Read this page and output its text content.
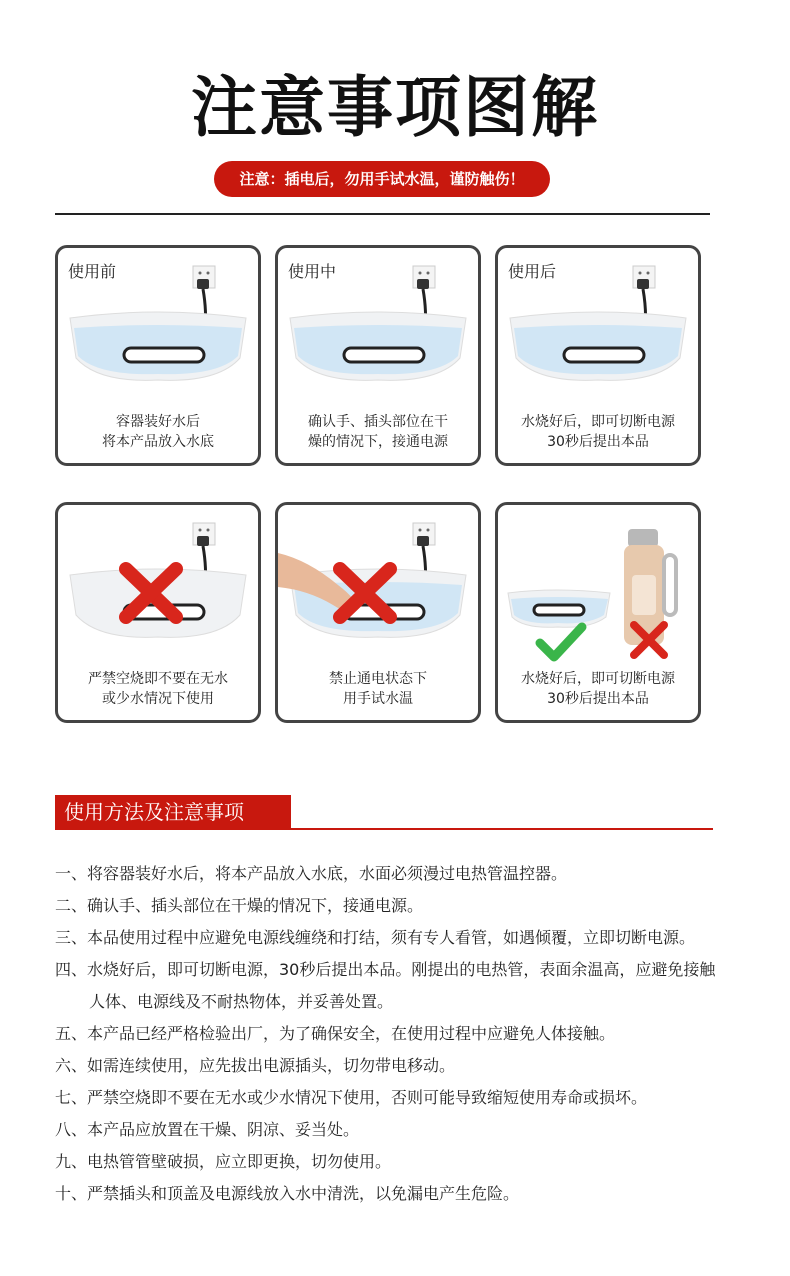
注意事项图解
注意：插电后，勿用手试水温，谨防触伤！
使用前
容器装好水后
将本产品放入水底
使用中
确认手、插头部位在干
燥的情况下，接通电源
使用后
水烧好后，即可切断电源
30秒后提出本品
严禁空烧即不要在无水
或少水情况下使用
禁止通电状态下
用手试水温
水烧好后，即可切断电源
30秒后提出本品
使用方法及注意事项
一、将容器装好水后，将本产品放入水底，水面必须漫过电热管温控器。
二、确认手、插头部位在干燥的情况下，接通电源。
三、本品使用过程中应避免电源线缠绕和打结，须有专人看管，如遇倾覆，立即切断电源。
四、水烧好后，即可切断电源，30秒后提出本品。刚提出的电热管，表面余温高，应避免接触
人体、电源线及不耐热物体，并妥善处置。
五、本产品已经严格检验出厂，为了确保安全，在使用过程中应避免人体接触。
六、如需连续使用，应先拔出电源插头，切勿带电移动。
七、严禁空烧即不要在无水或少水情况下使用，否则可能导致缩短使用寿命或损坏。
八、本产品应放置在干燥、阴凉、妥当处。
九、电热管管壁破损，应立即更换，切勿使用。
十、严禁插头和顶盖及电源线放入水中清洗，以免漏电产生危险。
